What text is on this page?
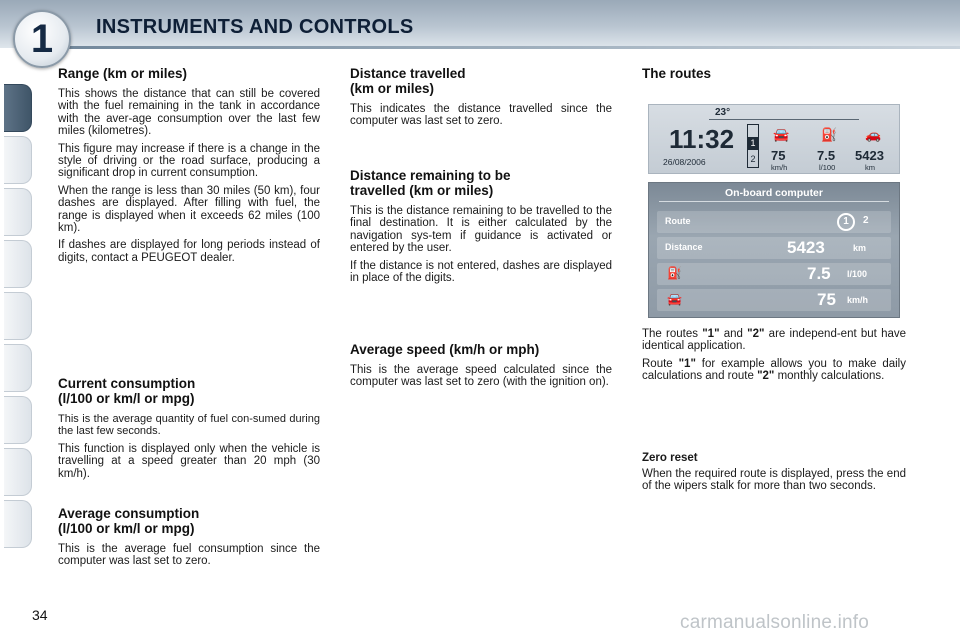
1	INSTRUMENTS AND CONTROLS
Range (km or miles)

This shows the distance that can still be covered with the fuel remaining in the tank in accordance with the aver-age consumption over the last few miles (kilometres).

This figure may increase if there is a change in the style of driving or the road surface, producing a significant drop in current consumption.

When the range is less than 30 miles (50 km), four dashes are displayed. After filling with fuel, the range is displayed when it exceeds 62 miles (100 km).

If dashes are displayed for long periods instead of digits, contact a PEUGEOT dealer.

Current consumption
(l/100 or km/l or mpg)

This is the average quantity of fuel con-sumed during the last few seconds.

This function is displayed only when the vehicle is travelling at a speed greater than 20 mph (30 km/h).

Average consumption
(l/100 or km/l or mpg)

This is the average fuel consumption since the computer was last set to zero.

Distance travelled
(km or miles)

This indicates the distance travelled since the computer was last set to zero.

Distance remaining to be
travelled (km or miles)

This is the distance remaining to be travelled to the final destination. It is either calculated by the navigation sys-tem if guidance is activated or entered by the user.

If the distance is not entered, dashes are displayed in place of the digits.

Average speed (km/h or mph)

This is the average speed calculated since the computer was last set to zero (with the ignition on).

The routes
23°
11:32
26/08/2006
1
2
🚘 ⛽ 🚗
75
km/h
7.5
l/100
5423
km
On-board computer
Route	1	2
Distance	5423	km
⛽	7.5 l/100
🚘	75 km/h

The routes "1" and "2" are independ-ent but have identical application.

Route "1" for example allows you to make daily calculations and route "2" monthly calculations.

Zero reset

When the required route is displayed, press the end of the wipers stalk for more than two seconds.

34	carmanualsonline.info
